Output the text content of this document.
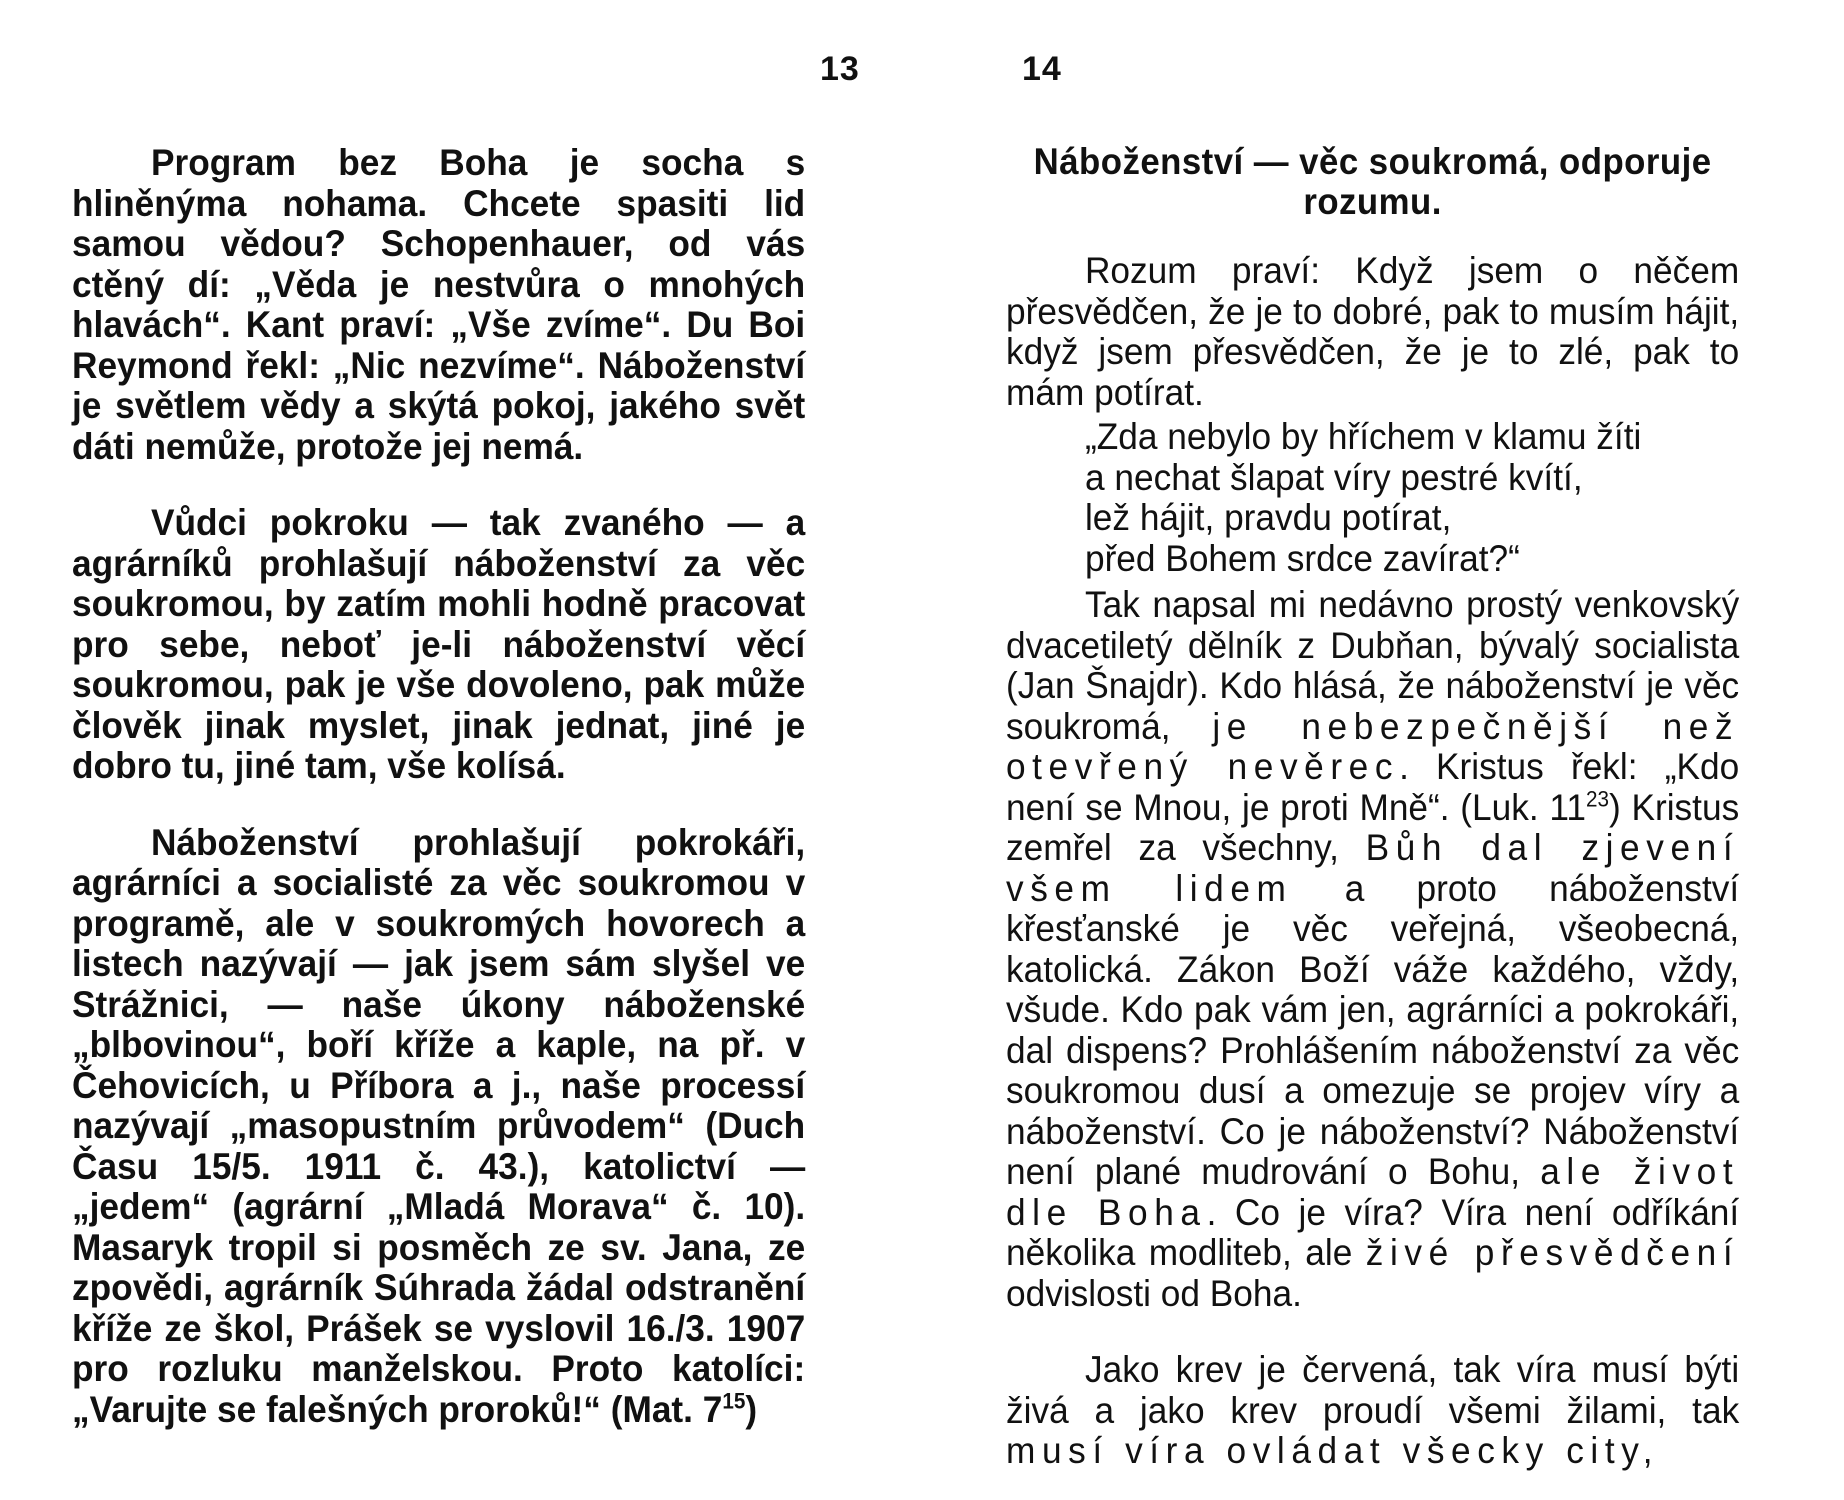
13

Program bez Boha je socha s hliněnýma nohama. Chcete spasiti lid samou vědou? Schopenhauer, od vás ctěný dí: „Věda je nestvůra o mnohých hlavách“. Kant praví: „Vše zvíme“. Du Boi Reymond řekl: „Nic nezvíme“. Náboženství je světlem vědy a skýtá pokoj, jakého svět dáti nemůže, protože jej nemá.

Vůdci pokroku — tak zvaného — a agrárníků prohlašují náboženství za věc soukromou, by zatím mohli hodně pracovat pro sebe, neboť je-li náboženství věcí soukromou, pak je vše dovoleno, pak může člověk jinak myslet, jinak jednat, jiné je dobro tu, jiné tam, vše kolísá.

Náboženství prohlašují pokrokáři, agrárníci a socialisté za věc soukromou v programě, ale v soukromých hovorech a listech nazývají — jak jsem sám slyšel ve Strážnici, — naše úkony náboženské „blbovinou“, boří kříže a kaple, na př. v Čehovicích, u Příbora a j., naše processí nazývají „masopustním průvodem“ (Duch Času 15/5. 1911 č. 43.), katolictví — „jedem“ (agrární „Mladá Morava“ č. 10). Masaryk tropil si posměch ze sv. Jana, ze zpovědi, agrárník Súhrada žádal odstranění kříže ze škol, Prášek se vyslovil 16./3. 1907 pro rozluku manželskou. Proto katolíci: „Varujte se falešných proroků!“ (Mat. $7^{15}$)

14
Náboženství — věc soukromá, odporuje rozumu.

Rozum praví: Když jsem o něčem přesvědčen, že je to dobré, pak to musím hájit, když jsem přesvědčen, že je to zlé, pak to mám potírat.

„Zda nebylo by hříchem v klamu žíti
a nechat šlapat víry pestré kvítí,
lež hájit, pravdu potírat,
před Bohem srdce zavírat?“

Tak napsal mi nedávno prostý venkovský dvacetiletý dělník z Dubňan, bývalý socialista (Jan Šnajdr). Kdo hlásá, že náboženství je věc soukromá, je nebezpečnější než otevřený nevěrec. Kristus řekl: „Kdo není se Mnou, je proti Mně“. (Luk. $11^{23}$) Kristus zemřel za všechny, Bůh dal zjevení všem lidem a proto náboženství křesťanské je věc veřejná, všeobecná, katolická. Zákon Boží váže každého, vždy, všude. Kdo pak vám jen, agrárníci a pokrokáři, dal dispens? Prohlášením náboženství za věc soukromou dusí a omezuje se projev víry a náboženství. Co je náboženství? Náboženství není plané mudrování o Bohu, ale život dle Boha. Co je víra? Víra není odříkání několika modliteb, ale živé přesvědčení odvislosti od Boha.

Jako krev je červená, tak víra musí býti živá a jako krev proudí všemi žilami, tak musí víra ovládat všecky city,
